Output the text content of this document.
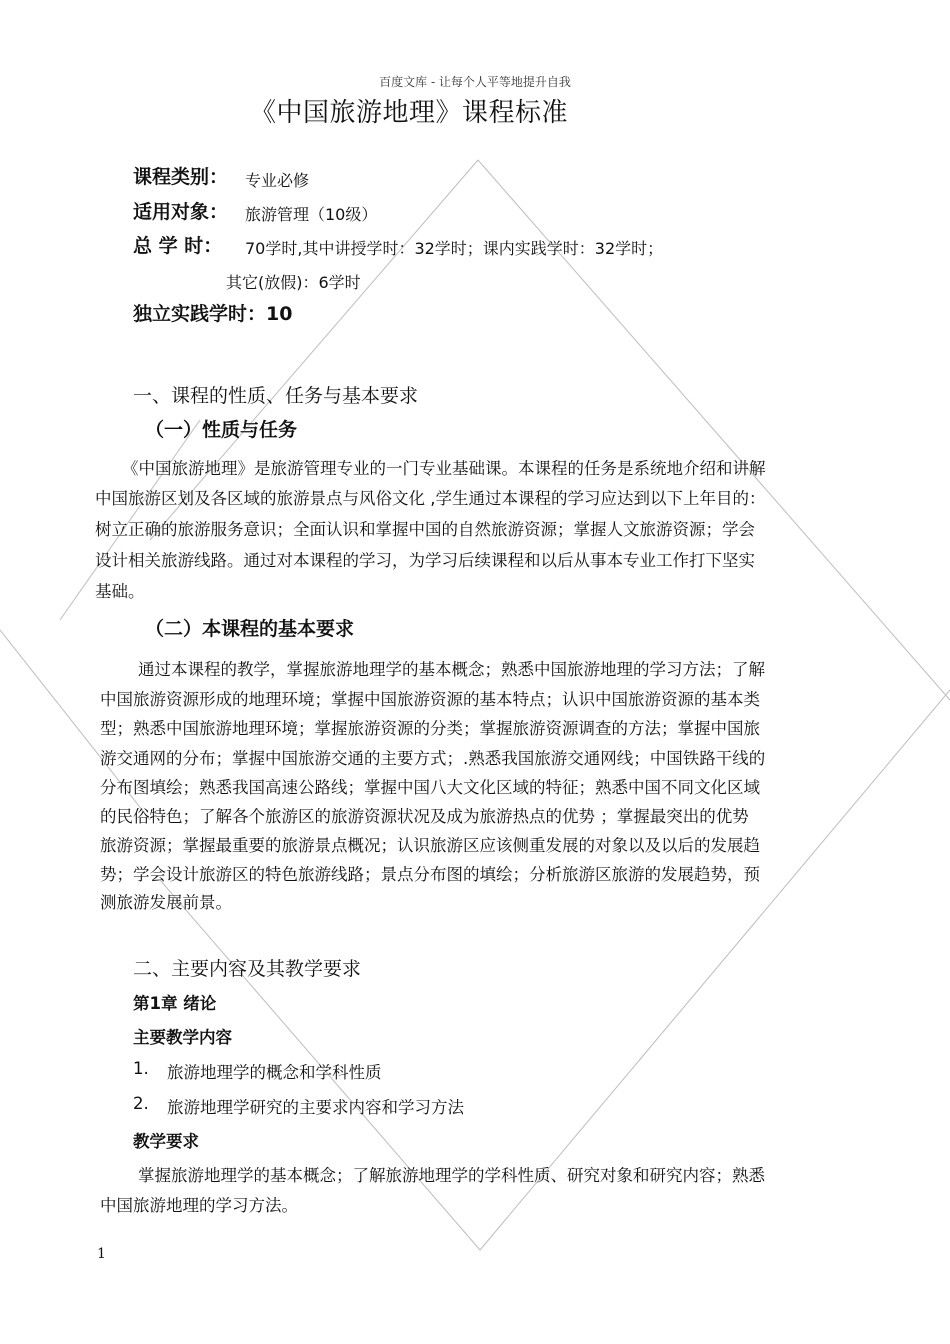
百度文库 - 让每个人平等地提升自我
《中国旅游地理》课程标准
课程类别： 专业必修
适用对象： 旅游管理（10级）
总 学 时： 70学时,其中讲授学时：32学时；课内实践学时：32学时；
其它(放假)：6学时
独立实践学时：10
一、课程的性质、任务与基本要求
（一）性质与任务
《中国旅游地理》是旅游管理专业的一门专业基础课。本课程的任务是系统地介绍和讲解
中国旅游区划及各区域的旅游景点与风俗文化 ,学生通过本课程的学习应达到以下上年目的：
树立正确的旅游服务意识；全面认识和掌握中国的自然旅游资源；掌握人文旅游资源；学会
设计相关旅游线路。通过对本课程的学习，为学习后续课程和以后从事本专业工作打下坚实
基础。
（二）本课程的基本要求
通过本课程的教学，掌握旅游地理学的基本概念；熟悉中国旅游地理的学习方法；了解
中国旅游资源形成的地理环境；掌握中国旅游资源的基本特点；认识中国旅游资源的基本类
型；熟悉中国旅游地理环境；掌握旅游资源的分类；掌握旅游资源调查的方法；掌握中国旅
游交通网的分布；掌握中国旅游交通的主要方式；.熟悉我国旅游交通网线；中国铁路干线的
分布图填绘；熟悉我国高速公路线；掌握中国八大文化区域的特征；熟悉中国不同文化区域
的民俗特色；了解各个旅游区的旅游资源状况及成为旅游热点的优势 ；掌握最突出的优势
旅游资源；掌握最重要的旅游景点概况；认识旅游区应该侧重发展的对象以及以后的发展趋
势；学会设计旅游区的特色旅游线路；景点分布图的填绘；分析旅游区旅游的发展趋势，预
测旅游发展前景。
二、主要内容及其教学要求
第1章 绪论
主要教学内容
1. 旅游地理学的概念和学科性质
2. 旅游地理学研究的主要求内容和学习方法
教学要求
掌握旅游地理学的基本概念；了解旅游地理学的学科性质、研究对象和研究内容；熟悉
中国旅游地理的学习方法。
1
